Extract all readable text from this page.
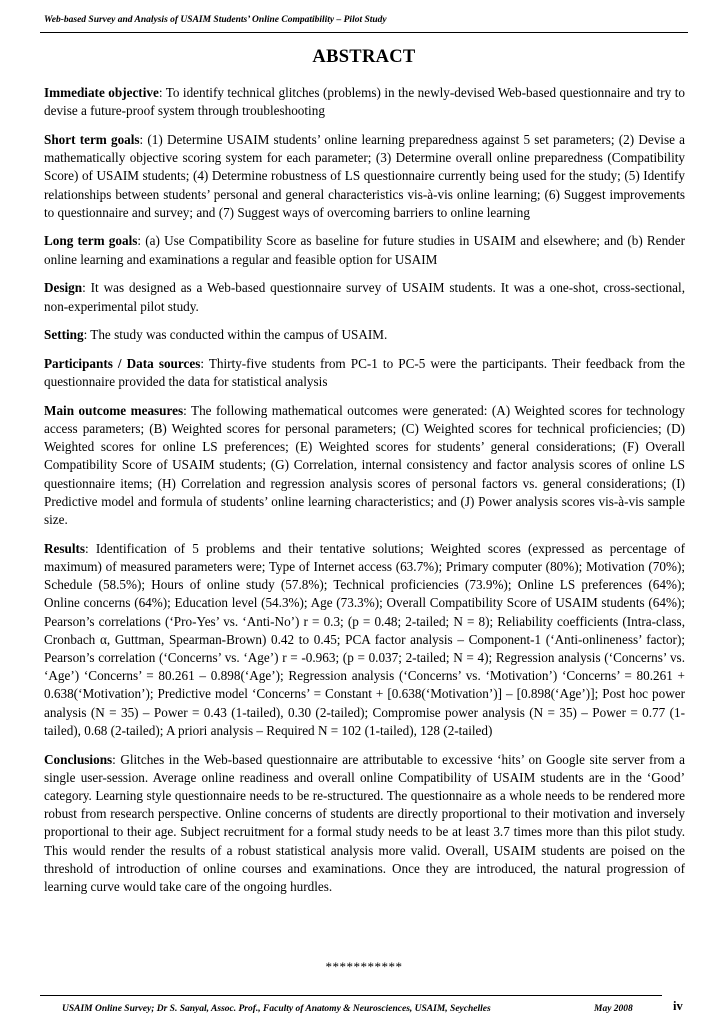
Web-based Survey and Analysis of USAIM Students’ Online Compatibility – Pilot Study
ABSTRACT

Immediate objective: To identify technical glitches (problems) in the newly-devised Web-based questionnaire and try to devise a future-proof system through troubleshooting

Short term goals: (1) Determine USAIM students’ online learning preparedness against 5 set parameters; (2) Devise a mathematically objective scoring system for each parameter; (3) Determine overall online preparedness (Compatibility Score) of USAIM students; (4) Determine robustness of LS questionnaire currently being used for the study; (5) Identify relationships between students’ personal and general characteristics vis-à-vis online learning; (6) Suggest improvements to questionnaire and survey; and (7) Suggest ways of overcoming barriers to online learning

Long term goals: (a) Use Compatibility Score as baseline for future studies in USAIM and elsewhere; and (b) Render online learning and examinations a regular and feasible option for USAIM

Design: It was designed as a Web-based questionnaire survey of USAIM students. It was a one-shot, cross-sectional, non-experimental pilot study.

Setting: The study was conducted within the campus of USAIM.

Participants / Data sources: Thirty-five students from PC-1 to PC-5 were the participants. Their feedback from the questionnaire provided the data for statistical analysis

Main outcome measures: The following mathematical outcomes were generated: (A) Weighted scores for technology access parameters; (B) Weighted scores for personal parameters; (C) Weighted scores for technical proficiencies; (D) Weighted scores for online LS preferences; (E) Weighted scores for students’ general considerations; (F) Overall Compatibility Score of USAIM students; (G) Correlation, internal consistency and factor analysis scores of online LS questionnaire items; (H) Correlation and regression analysis scores of personal factors vs. general considerations; (I) Predictive model and formula of students’ online learning characteristics; and (J) Power analysis scores vis-à-vis sample size.

Results: Identification of 5 problems and their tentative solutions; Weighted scores (expressed as percentage of maximum) of measured parameters were; Type of Internet access (63.7%); Primary computer (80%); Motivation (70%); Schedule (58.5%); Hours of online study (57.8%); Technical proficiencies (73.9%); Online LS preferences (64%); Online concerns (64%); Education level (54.3%); Age (73.3%); Overall Compatibility Score of USAIM students (64%); Pearson’s correlations (‘Pro-Yes’ vs. ‘Anti-No’) r = 0.3; (p = 0.48; 2-tailed; N = 8); Reliability coefficients (Intra-class, Cronbach α, Guttman, Spearman-Brown) 0.42 to 0.45; PCA factor analysis – Component-1 (‘Anti-onlineness’ factor); Pearson’s correlation (‘Concerns’ vs. ‘Age’) r = -0.963; (p = 0.037; 2-tailed; N = 4); Regression analysis (‘Concerns’ vs. ‘Age’) ‘Concerns’ = 80.261 – 0.898(‘Age’); Regression analysis (‘Concerns’ vs. ‘Motivation’) ‘Concerns’ = 80.261 + 0.638(‘Motivation’); Predictive model ‘Concerns’ = Constant + [0.638(‘Motivation’)] – [0.898(‘Age’)]; Post hoc power analysis (N = 35) – Power = 0.43 (1-tailed), 0.30 (2-tailed); Compromise power analysis (N = 35) – Power = 0.77 (1-tailed), 0.68 (2-tailed); A priori analysis – Required N = 102 (1-tailed), 128 (2-tailed)

Conclusions: Glitches in the Web-based questionnaire are attributable to excessive ‘hits’ on Google site server from a single user-session. Average online readiness and overall online Compatibility of USAIM students are in the ‘Good’ category. Learning style questionnaire needs to be re-structured. The questionnaire as a whole needs to be rendered more robust from research perspective. Online concerns of students are directly proportional to their motivation and inversely proportional to their age. Subject recruitment for a formal study needs to be at least 3.7 times more than this pilot study. This would render the results of a robust statistical analysis more valid. Overall, USAIM students are poised on the threshold of introduction of online courses and examinations. Once they are introduced, the natural progression of learning curve would take care of the ongoing hurdles.

***********
USAIM Online Survey; Dr S. Sanyal, Assoc. Prof., Faculty of Anatomy & Neurosciences, USAIM, Seychelles	May 2008	iv
